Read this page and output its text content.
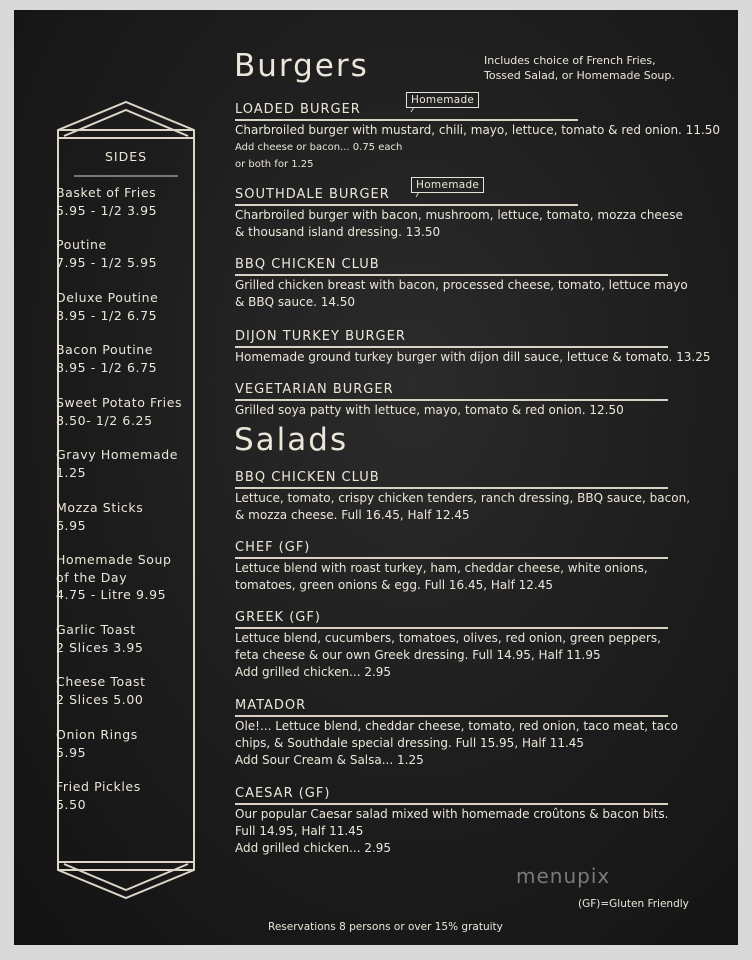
SIDES
Basket of Fries
5.95 - 1/2 3.95
Poutine
7.95 - 1/2 5.95
Deluxe Poutine
8.95 - 1/2 6.75
Bacon Poutine
8.95 - 1/2 6.75
Sweet Potato Fries
8.50- 1/2 6.25
Gravy Homemade
1.25
Mozza Sticks
6.95
Homemade Soup
of the Day
4.75 - Litre 9.95
Garlic Toast
2 Slices 3.95
Cheese Toast
2 Slices 5.00
Onion Rings
5.95
Fried Pickles
5.50
Burgers	Includes choice of French Fries,
Tossed Salad, or Homemade Soup.
LOADED BURGER
Homemade
Charbroiled burger with mustard, chili, mayo, lettuce, tomato & red onion. 11.50
Add cheese or bacon... 0.75 each
or both for 1.25
SOUTHDALE BURGER
Homemade
Charbroiled burger with bacon, mushroom, lettuce, tomato, mozza cheese
& thousand island dressing. 13.50
BBQ CHICKEN CLUB
Grilled chicken breast with bacon, processed cheese, tomato, lettuce mayo
& BBQ sauce. 14.50
DIJON TURKEY BURGER
Homemade ground turkey burger with dijon dill sauce, lettuce & tomato. 13.25
VEGETARIAN BURGER
Grilled soya patty with lettuce, mayo, tomato & red onion. 12.50
Salads
BBQ CHICKEN CLUB
Lettuce, tomato, crispy chicken tenders, ranch dressing, BBQ sauce, bacon,
& mozza cheese. Full 16.45, Half 12.45
CHEF (GF)
Lettuce blend with roast turkey, ham, cheddar cheese, white onions,
tomatoes, green onions & egg. Full 16.45, Half 12.45
GREEK (GF)
Lettuce blend, cucumbers, tomatoes, olives, red onion, green peppers,
feta cheese & our own Greek dressing. Full 14.95, Half 11.95
Add grilled chicken... 2.95
MATADOR
Ole!... Lettuce blend, cheddar cheese, tomato, red onion, taco meat, taco
chips, & Southdale special dressing. Full 15.95, Half 11.45
Add Sour Cream & Salsa... 1.25
CAESAR (GF)
Our popular Caesar salad mixed with homemade croûtons & bacon bits.
Full 14.95, Half 11.45
Add grilled chicken... 2.95
menupix
(GF)=Gluten Friendly
Reservations 8 persons or over 15% gratuity
